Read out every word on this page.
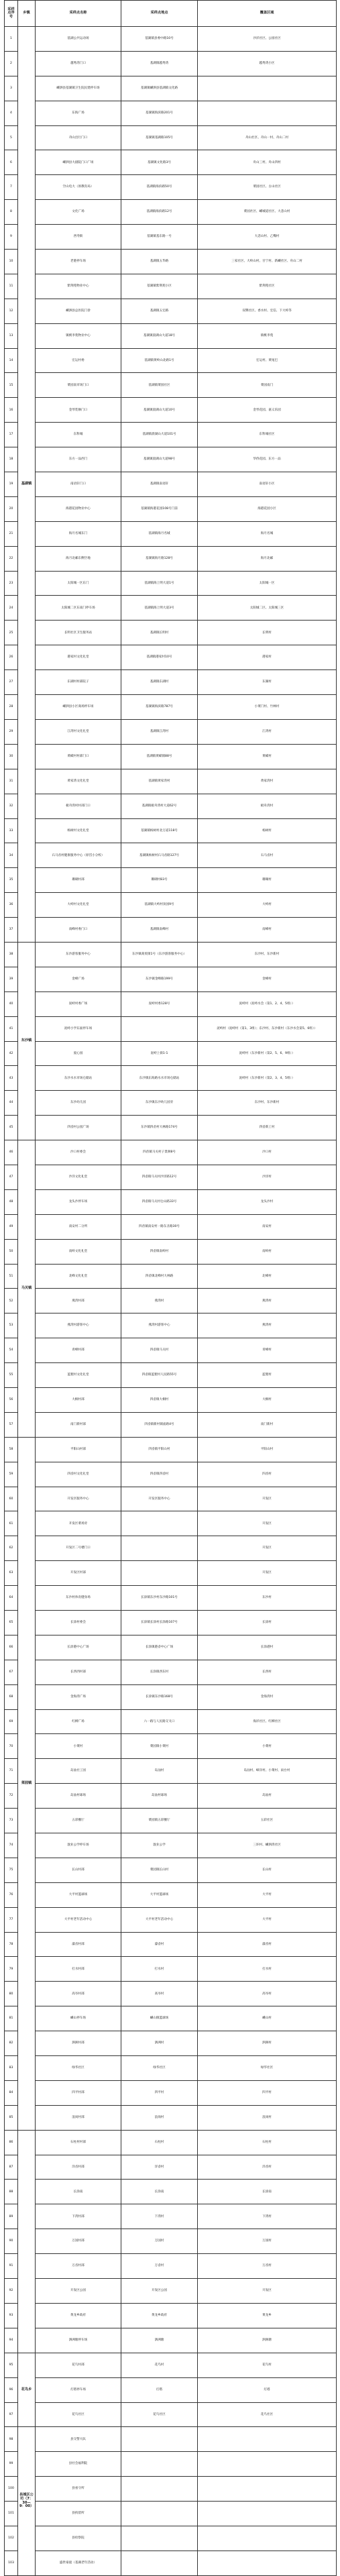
采样点序号	乡镇	采样点名称	采样点地点	覆盖区域
1	基湖镇	基湖公共运动场	基湖镇县委中路10号	沙洋社区、公园社区
2		越秀湾门口	基湖镇越秀湾	越秀湾小区
3		嵊泗县基湖镇卫生院民建停车场	基湖镇嵊泗县基湖镇文化路	
4		东海广场	基湖镇海滨路201号	
5		舟山出行门口	基湖镇基湖路105号	舟山社区、舟山一村、舟山二村
6		嵊泗县大剧院门口广场	基湖镇文化路3号	舟山三村、舟山四村
7		空山电大（原教育局）	基湖镇海滨路50号	菜园社区、古山社区
8		文化广场	基湖镇海滨路12号	菜园社区、嵊城道社区、大悲山村
9		西寿街	基湖镇基东路一号	大悲山村、乙嘴村
10		老港停车场	基湖镇五华路	三家社区、大岭山村、甘宁村、新嵊社区、舟山二村
11		紫荆苑物业中心	基湖镇紫荆苑小区	紫荆苑社区
12		嵊泗县总医院门诊	基湖镇五宏路	双牌社区、香水村、宏信、下大岭等
13		镇桃李苑物业中心	基湖镇晨湖山大道18号	镇桃李苑
14		宏运村委	基湖镇黄岭山北路1号	宏运村、黄尾巴
15		菜园南市场门口	基湖镇菜园社区	菜园南门
16		金琴装修门口	基湖镇晨湖山大道10号	金琴花园、嘉义乐园
17		东科城	基湖镇晨湖山大道101号	东科城社区
18		东方一品西门	基湖镇晨湖山大道98号	华侨花园、东方一品
19		南语轩门口	基湖镇南语轩	南语轩小区
20		海港花园物业中心	基湖镇海港花园108号门前	海港花园小区
21		海月名城东门	基湖镇海月名城	海月名城
22		海月北邮东侧空地	基湖镇海月路128号	海月北邮
23		太阳城一区东门	基湖镇海上明大道1号	太阳城一区
24		太阳城二区东南门停车场	基湖镇海上明大道3号	太阳城二区、太阳城三区
25		长明社区卫生服务站	基湖镇长明村	长明村
26		港家村文化礼堂	基湖镇港家村10号	港家村
27		东湖村村部院子	基湖镇东湖村	东湖村
28		嵊泗县小区商场停车场	基湖镇海滨路787号	小菜门村、竹林村
29		江湾村文化礼堂	基湖镇江湾村	江湾村
30		黄嵘村村部门口	基湖镇黄嵘镇88号	黄嵘村
31		黄家湾文化礼堂	基湖镇黄家湾村	黄家湾村
32		板舟湾村村部门口	基湖镇板舟湾村大道62号	板舟湾村
33		杨树村文化礼堂	基湖镇杨树村北万道118号	杨树村
34		石马岙村健康服务中心（原岱小分校）	基湖镇杨树村石马岙路127号	石马岙村
35		珊瑚村部	珊瑚村83号	珊瑚村
36		大峙村文化礼堂	基湖镇大峙村顶园9号	大峙村
37		南峰村委门口	基湖镇南峰村	南峰村
38	东沙镇	东沙游客服务中心	东沙镇商贸街1号（东沙游客服务中心）	东沙村、东沙新村
39		金峰广场	东沙镇金峰路199号	金峰村
40		泥峙村委广场	泥峙村委128号	泥峙村（泥峙水会（第1、2、4、5组））
41		泥峙小学东面停车场		泥峙村（泥峙村（第1、3组）；东沙村、东沙新村（东沙水会第5、6组））
42		爱心园	泥峙上街1-1	泥峙村（东沙新村（第2、5、6、9组））
43		东沙水水市场仓储站	东沙镇东海路水水市场仓储站	泥峙村（东沙新村（第2、3、4、5组））
44		东沙幼儿园	东沙镇东沙幼儿园旁	东沙村、东沙新村
45		四岙村公园广场	东沙镇四岙村大林路174号	四岙新工村
46	马关镇	沙口村委会	四岙镇马关村子景洲8号	沙口村
47		沙洋文化礼堂	四岙镇马关村沙洋路12号	沙洋村
48		龙头沙停车场	四岙镇马关村仓山路33号	龙头沙村
49		南安村二分所	四岙镇南安村一路东圣路30号	南安村
50		南岭文化礼堂	四岙镇南岭村	南岭村
51		北峰文化礼堂	四岙镇北峰村大林路	北峰村
52		燕湾村部	燕湾村	燕湾村
53		燕湾村游客中心	燕湾村游客中心	燕湾村
54		青峰村部	四岙镇马关村	青峰村
55		蓝狸村文化礼堂	四岙镇蓝狸村人民路55号	蓝狸村
56		大桐村部	四岙镇大桐村	大桐村
57		南门新村部	四岙镇新村镇庙路4号	南门新村
58	菜园镇	平阳山村部	四岙镇平阳山村	平阳山村
59		四岙村文化礼堂	四岙镇四岙村	四岙村
60		开发区服务中心	开发区服务中心	开发区
61		开发区菜场旁		开发区
62		开发区二号楼门口		开发区
63		开发区村部		开发区
64		东沙村体育健身场	长涂镇东沙村东沙路101号	东沙村
65		长涂村委会	长涂镇长涂村长涂路107号	长涂村
66		长涂港中心广场	长涂镇港岙中心广场	长涂港村
67		长西西村部	长涂镇西东村	长西村
68		金海湾广场	长涂镇东沙路168号	金海湾村
69		红柳广场	六一路与人民路交叉口	海洋社区、红柳社区
70		小菜村	菜园镇小菜村	小菜村
71		岛汕社工园	岛汕村	岛汕村、嶂洋村、小菜村、雨台村
72		岛汕村球场	岛汕村球场	岛汕村
73		五彩餐厅	菜园镇五彩餐厅	五彩社区
74		敦业公学停车场	敦业公学	三环村、嵊泗湾社区
75		长山村部	菜园镇长山村	长山村
76		大平村篮球场	大平村篮球场	大平村
77		大平村老年活动中心	大平村老年活动中心	大平村
78		濠岙村部	濠岙村	濠岙村
79		打水村部	打水村	打水村
80		高岑村部	高岑村	高岑村
81		嵊山停车场	嵊山镇篮球场	嵊山村
82		泗洲村部	泗洲村	泗洲村
83		绿华社区	绿华社区	绿华社区
84		四平村部	四平村	四平村
85		浪岗村部	浪岗村	浪岗村
86		石柱村村部	石柱村	石柱村
87		洋岙村部	洋岙村	洋岙村
88		长涂南	长涂南	长涂南
89		下湾村部	下湾村	下湾村
90		万国村部	万国村	万国村
91		万岙村部	万岙村	万岙村
92		开发区公园	开发区公园	开发区
93		黄龙乡政府	黄龙乡政府	黄龙乡
94		泗洲塘停车场	泗洲塘	泗洲塘
95	花鸟乡	花鸟村部	花鸟村	花鸟村
96		灯塔停车场	灯塔	灯塔
97		花鸟社区	花鸟社区	花鸟社区
98	县城区公司（7：30—9：00）	县交警大队		
99		县社会福利院		
100		县看守所		
101		县拘留所		
102		县检察院		
103		盛世豪庭（基湖老年活动）		
